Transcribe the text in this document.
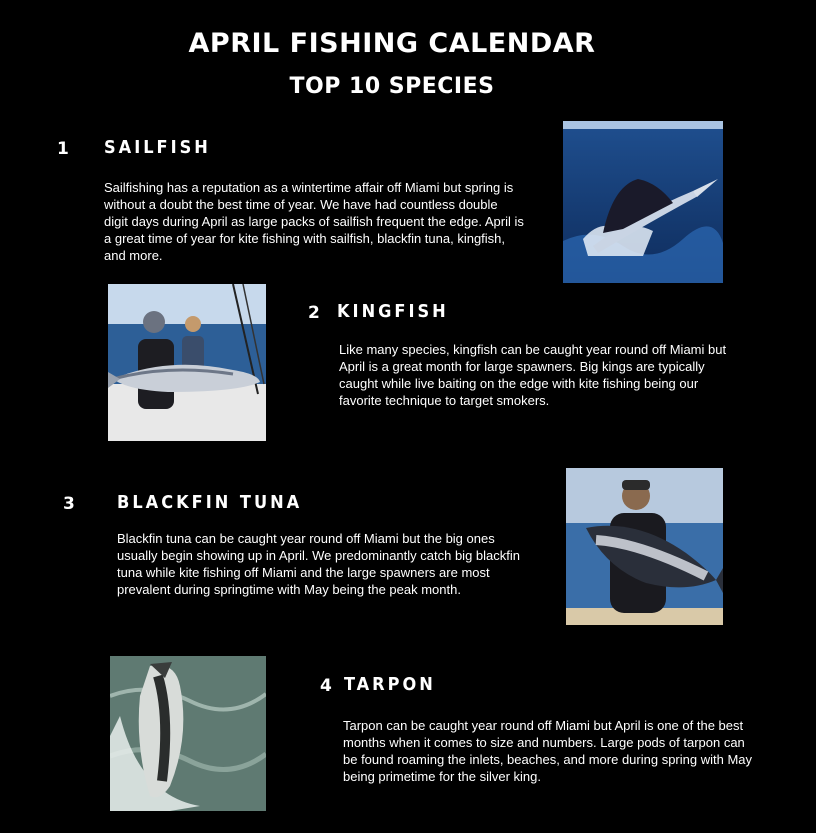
APRIL FISHING CALENDAR
TOP 10 SPECIES
1 SAILFISH
Sailfishing has a reputation as a wintertime affair off Miami but spring is without a doubt the best time of year. We have had countless double digit days during April as large packs of sailfish frequent the edge. April is a great time of year for kite fishing with sailfish, blackfin tuna, kingfish, and more.
2 KINGFISH
Like many species, kingfish can be caught year round off Miami but April is a great month for large spawners. Big kings are typically caught while live baiting on the edge with kite fishing being our favorite technique to target smokers.
3 BLACKFIN TUNA
Blackfin tuna can be caught year round off Miami but the big ones usually begin showing up in April. We predominantly catch big blackfin tuna while kite fishing off Miami and the large spawners are most prevalent during springtime with May being the peak month.
4 TARPON
Tarpon can be caught year round off Miami but April is one of the best months when it comes to size and numbers. Large pods of tarpon can be found roaming the inlets, beaches, and more during spring with May being primetime for the silver king.
